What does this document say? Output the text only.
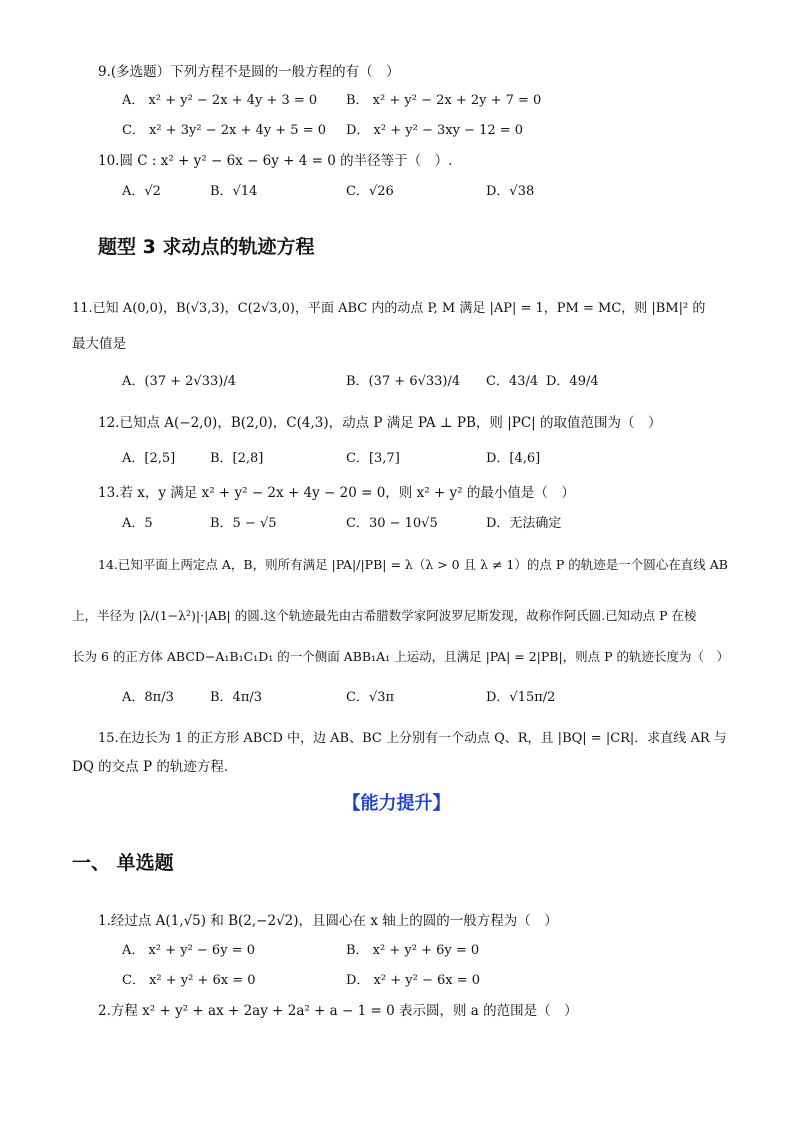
9.(多选题）下列方程不是圆的一般方程的有（　）
A． x² + y² − 2x + 4y + 3 = 0 B． x² + y² − 2x + 2y + 7 = 0
C． x² + 3y² − 2x + 4y + 5 = 0 D． x² + y² − 3xy − 12 = 0
10.圆 C : x² + y² − 6x − 6y + 4 = 0 的半径等于（　）.
A．√2	B．√14	C．√26	D．√38
题型 3 求动点的轨迹方程
11.已知 A(0,0)，B(√3,3)，C(2√3,0)，平面 ABC 内的动点 P, M 满足 |AP| = 1，PM = MC，则 |BM|² 的
最大值是
A．(37 + 2√33)/4	B．(37 + 6√33)/4 C．43/4 D．49/4
12.已知点 A(−2,0)，B(2,0)，C(4,3)，动点 P 满足 PA ⊥ PB，则 |PC| 的取值范围为（　）
A．[2,5]	B．[2,8]	C．[3,7]	D．[4,6]
13.若 x，y 满足 x² + y² − 2x + 4y − 20 = 0，则 x² + y² 的最小值是（　）
A．5	B．5 − √5	C．30 − 10√5	D．无法确定
14.已知平面上两定点 A，B，则所有满足 |PA|/|PB| = λ（λ > 0 且 λ ≠ 1）的点 P 的轨迹是一个圆心在直线 AB
上，半径为 |λ/(1−λ²)|·|AB| 的圆.这个轨迹最先由古希腊数学家阿波罗尼斯发现，故称作阿氏圆.已知动点 P 在棱
长为 6 的正方体 ABCD−A₁B₁C₁D₁ 的一个侧面 ABB₁A₁ 上运动，且满足 |PA| = 2|PB|，则点 P 的轨迹长度为（　）
A．8π/3	B．4π/3	C．√3π	D．√15π/2
15.在边长为 1 的正方形 ABCD 中，边 AB、BC 上分别有一个动点 Q、R，且 |BQ| = |CR|．求直线 AR 与
DQ 的交点 P 的轨迹方程．
【能力提升】
一、 单选题
1.经过点 A(1,√5) 和 B(2,−2√2)，且圆心在 x 轴上的圆的一般方程为（　）
A． x² + y² − 6y = 0	B． x² + y² + 6y = 0
C． x² + y² + 6x = 0	D． x² + y² − 6x = 0
2.方程 x² + y² + ax + 2ay + 2a² + a − 1 = 0 表示圆，则 a 的范围是（　）
